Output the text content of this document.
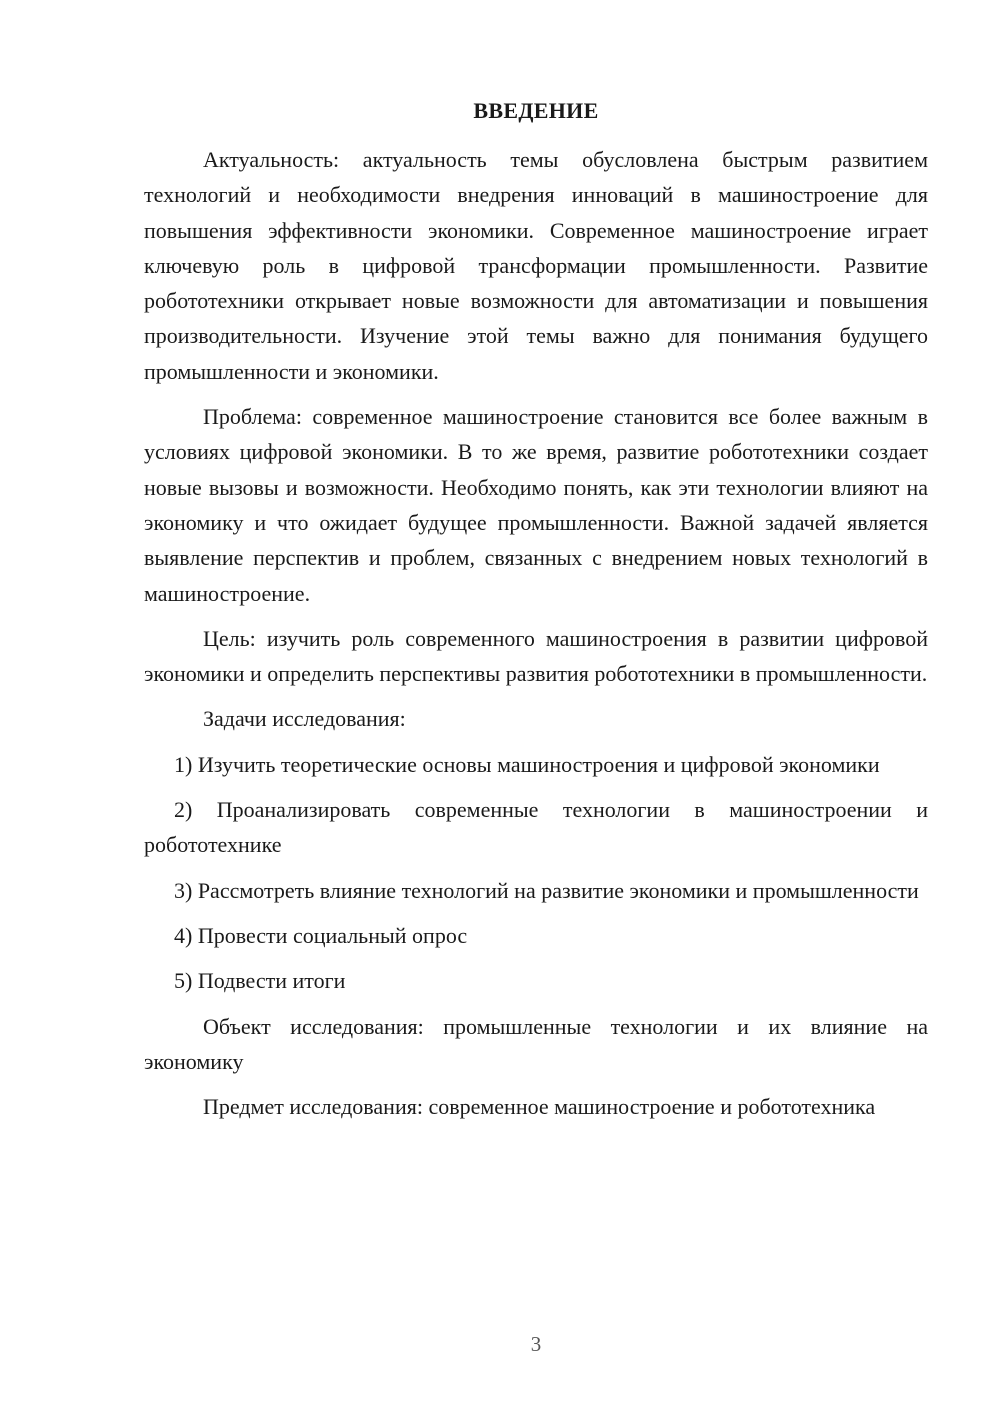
ВВЕДЕНИЕ

Актуальность: актуальность темы обусловлена быстрым развитием технологий и необходимости внедрения инноваций в машиностроение для повышения эффективности экономики. Современное машиностроение играет ключевую роль в цифровой трансформации промышленности. Развитие робототехники открывает новые возможности для автоматизации и повышения производительности. Изучение этой темы важно для понимания будущего промышленности и экономики.

Проблема: современное машиностроение становится все более важным в условиях цифровой экономики. В то же время, развитие робототехники создает новые вызовы и возможности. Необходимо понять, как эти технологии влияют на экономику и что ожидает будущее промышленности. Важной задачей является выявление перспектив и проблем, связанных с внедрением новых технологий в машиностроение.

Цель: изучить роль современного машиностроения в развитии цифровой экономики и определить перспективы развития робототехники в промышленности.

Задачи исследования:

1) Изучить теоретические основы машиностроения и цифровой экономики

2) Проанализировать современные технологии в машиностроении и робототехнике

3) Рассмотреть влияние технологий на развитие экономики и промышленности

4) Провести социальный опрос

5) Подвести итоги

Объект исследования: промышленные технологии и их влияние на экономику

Предмет исследования: современное машиностроение и робототехника

3
